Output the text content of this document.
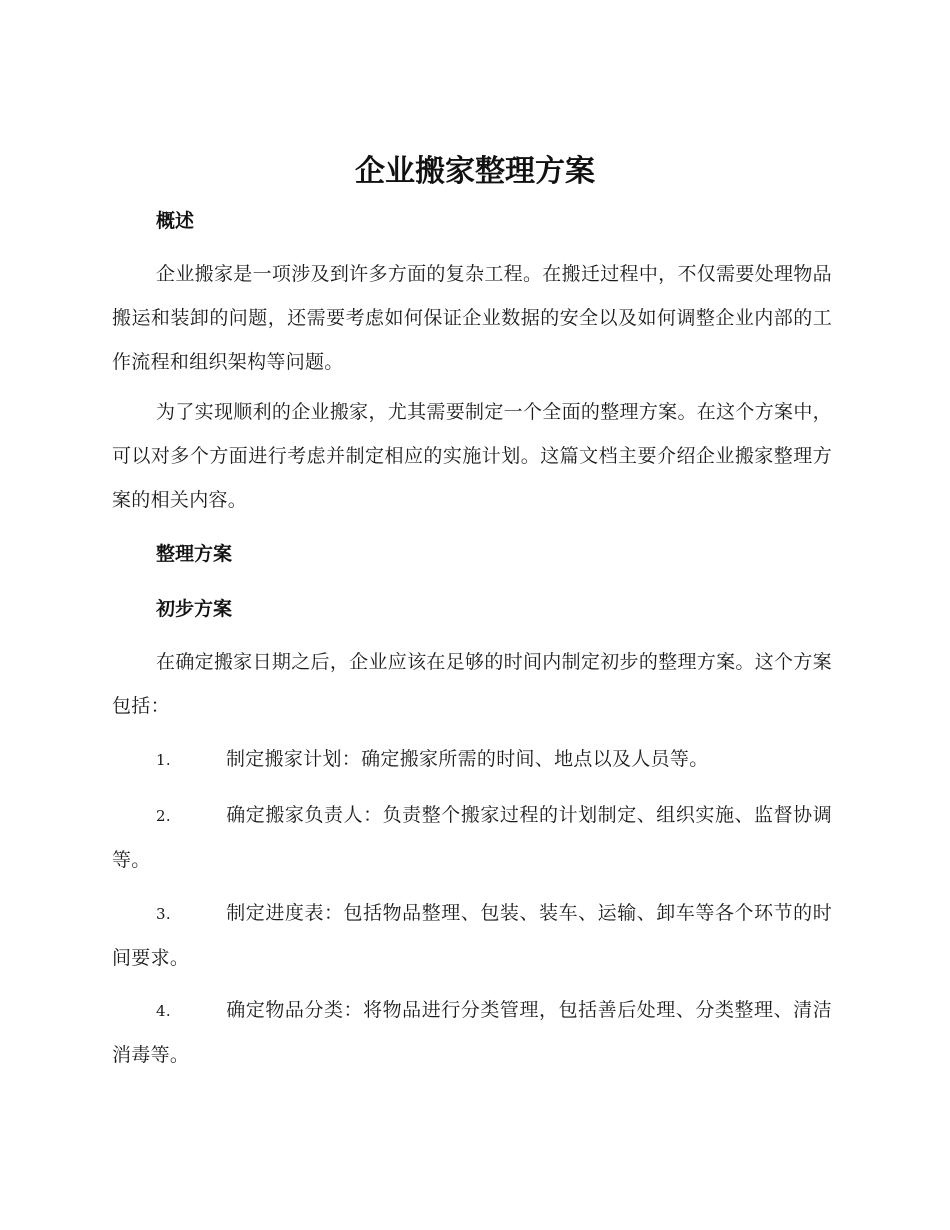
企业搬家整理方案
概述
企业搬家是一项涉及到许多方面的复杂工程。在搬迁过程中，不仅需要处理物品搬运和装卸的问题，还需要考虑如何保证企业数据的安全以及如何调整企业内部的工作流程和组织架构等问题。
为了实现顺利的企业搬家，尤其需要制定一个全面的整理方案。在这个方案中，可以对多个方面进行考虑并制定相应的实施计划。这篇文档主要介绍企业搬家整理方案的相关内容。
整理方案
初步方案
在确定搬家日期之后，企业应该在足够的时间内制定初步的整理方案。这个方案包括：
1.	制定搬家计划：确定搬家所需的时间、地点以及人员等。
2.	确定搬家负责人：负责整个搬家过程的计划制定、组织实施、监督协调等。
3.	制定进度表：包括物品整理、包装、装车、运输、卸车等各个环节的时间要求。
4.	确定物品分类：将物品进行分类管理，包括善后处理、分类整理、清洁消毒等。
